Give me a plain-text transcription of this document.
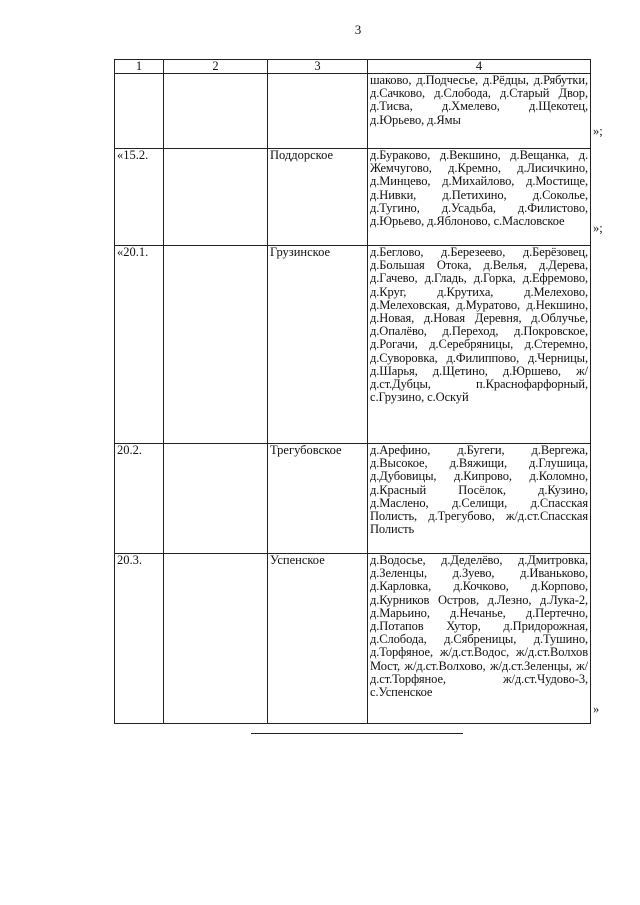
3
1	2	3	4

			шаково, д.Подчесье, д.Рёдцы, д.Рябутки, д.Сачково, д.Слобода, д.Старый Двор, д.Тисва, д.Хмелево, д.Щекотец, д.Юрьево, д.Ямы

«15.2.		Поддорское	д.Бураково, д.Векшино, д.Вещанка, д. Жемчугово, д.Кремно, д.Лисичкино, д.Минцево, д.Михайлово, д.Мостище, д.Нивки, д.Петихино, д.Сокольe, д.Тугино, д.Усадьба, д.Филистово, д.Юрьево, д.Яблоново, с.Масловское

«20.1.		Грузинское	д.Беглово, д.Березеево, д.Берёзовец, д.Большая Отока, д.Велья, д.Дерева, д.Гачево, д.Гладь, д.Горка, д.Ефремово, д.Круг, д.Крутиха, д.Мелехово, д.Мелеховская, д.Муратово, д.Некшино, д.Новая, д.Новая Деревня, д.Облучье, д.Опалёво, д.Переход, д.Покровское, д.Рогачи, д.Серебряницы, д.Стеремно, д.Суворовка, д.Филиппово, д.Черницы, д.Шарья, д.Щетино, д.Юршево, ж/д.ст.Дубцы, п.Краснофарфорный, с.Грузино, с.Оскуй

20.2.		Трегубовское	д.Арефино, д.Бугеги, д.Вергежа, д.Высокое, д.Вяжищи, д.Глушица, д.Дубовицы, д.Кипрово, д.Коломно, д.Красный Посёлок, д.Кузино, д.Маслено, д.Селищи, д.Спасская Полисть, д.Трегубово, ж/д.ст.Спасская Полисть

20.3.		Успенское	д.Водосье, д.Деделёво, д.Дмитровка, д.Зеленцы, д.Зуево, д.Иваньково, д.Карловка, д.Кочково, д.Корпово, д.Курников Остров, д.Лезно, д.Лука-2, д.Марьино, д.Нечанье, д.Пертечно, д.Потапов Хутор, д.Придорожная, д.Слобода, д.Сябреницы, д.Тушино, д.Торфяное, ж/д.ст.Водос, ж/д.ст.Волхов Мост, ж/д.ст.Волхово, ж/д.ст.Зеленцы, ж/д.ст.Торфяное, ж/д.ст.Чудово-3, с.Успенское
»;
»;
»
